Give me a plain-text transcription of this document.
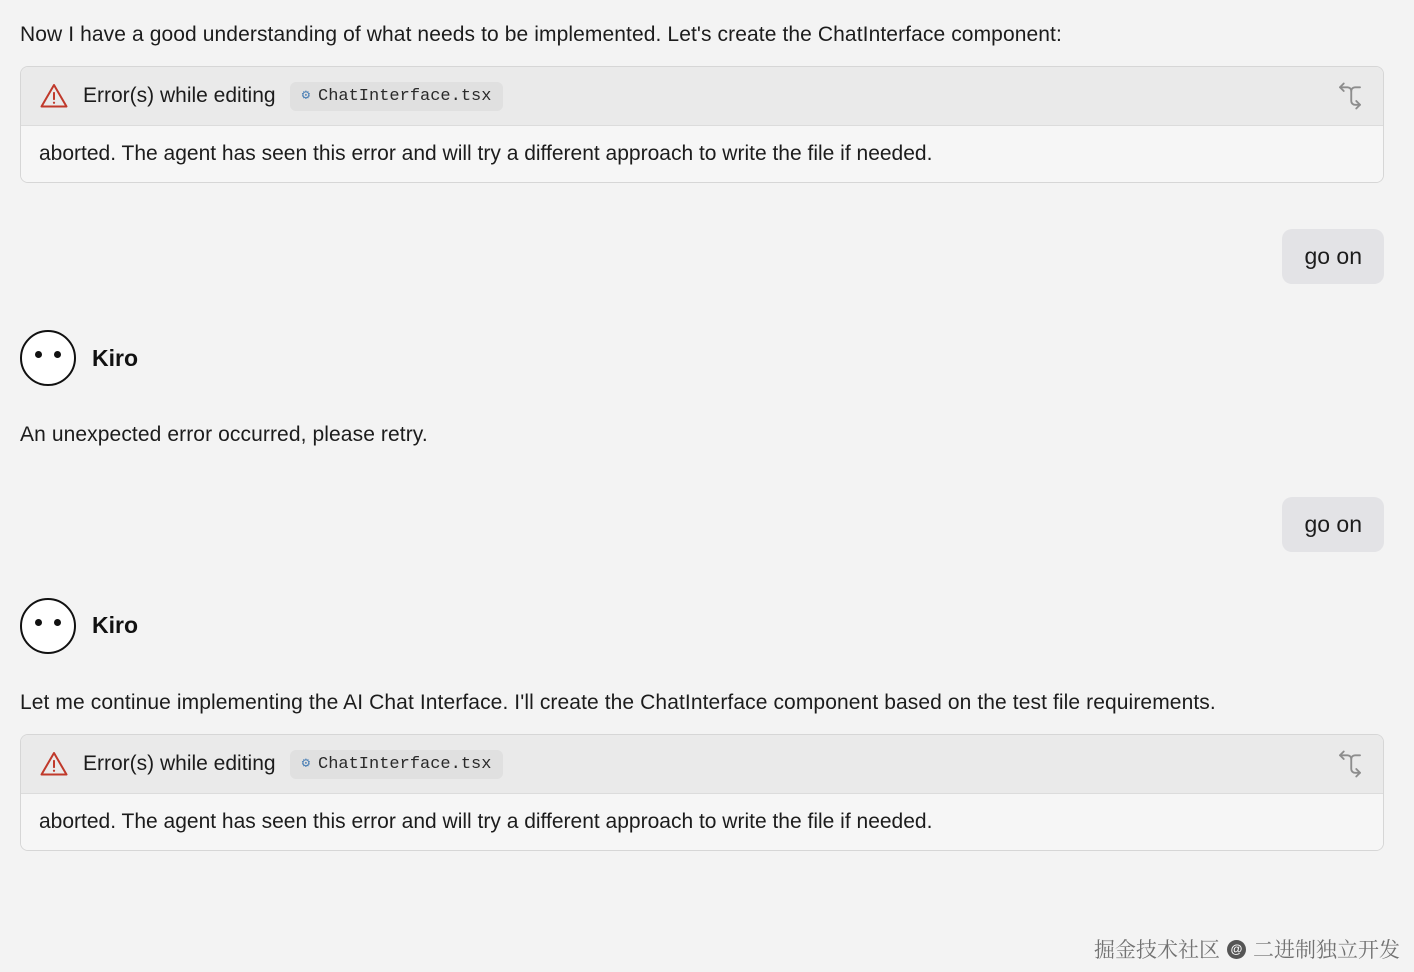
Now I have a good understanding of what needs to be implemented. Let's create the ChatInterface component:
Error(s) while editing ⚙ ChatInterface.tsx
aborted. The agent has seen this error and will try a different approach to write the file if needed.
go on
Kiro
An unexpected error occurred, please retry.
go on
Kiro
Let me continue implementing the AI Chat Interface. I'll create the ChatInterface component based on the test file requirements.
Error(s) while editing ⚙ ChatInterface.tsx
aborted. The agent has seen this error and will try a different approach to write the file if needed.
掘金技术社区 @ 二进制独立开发
